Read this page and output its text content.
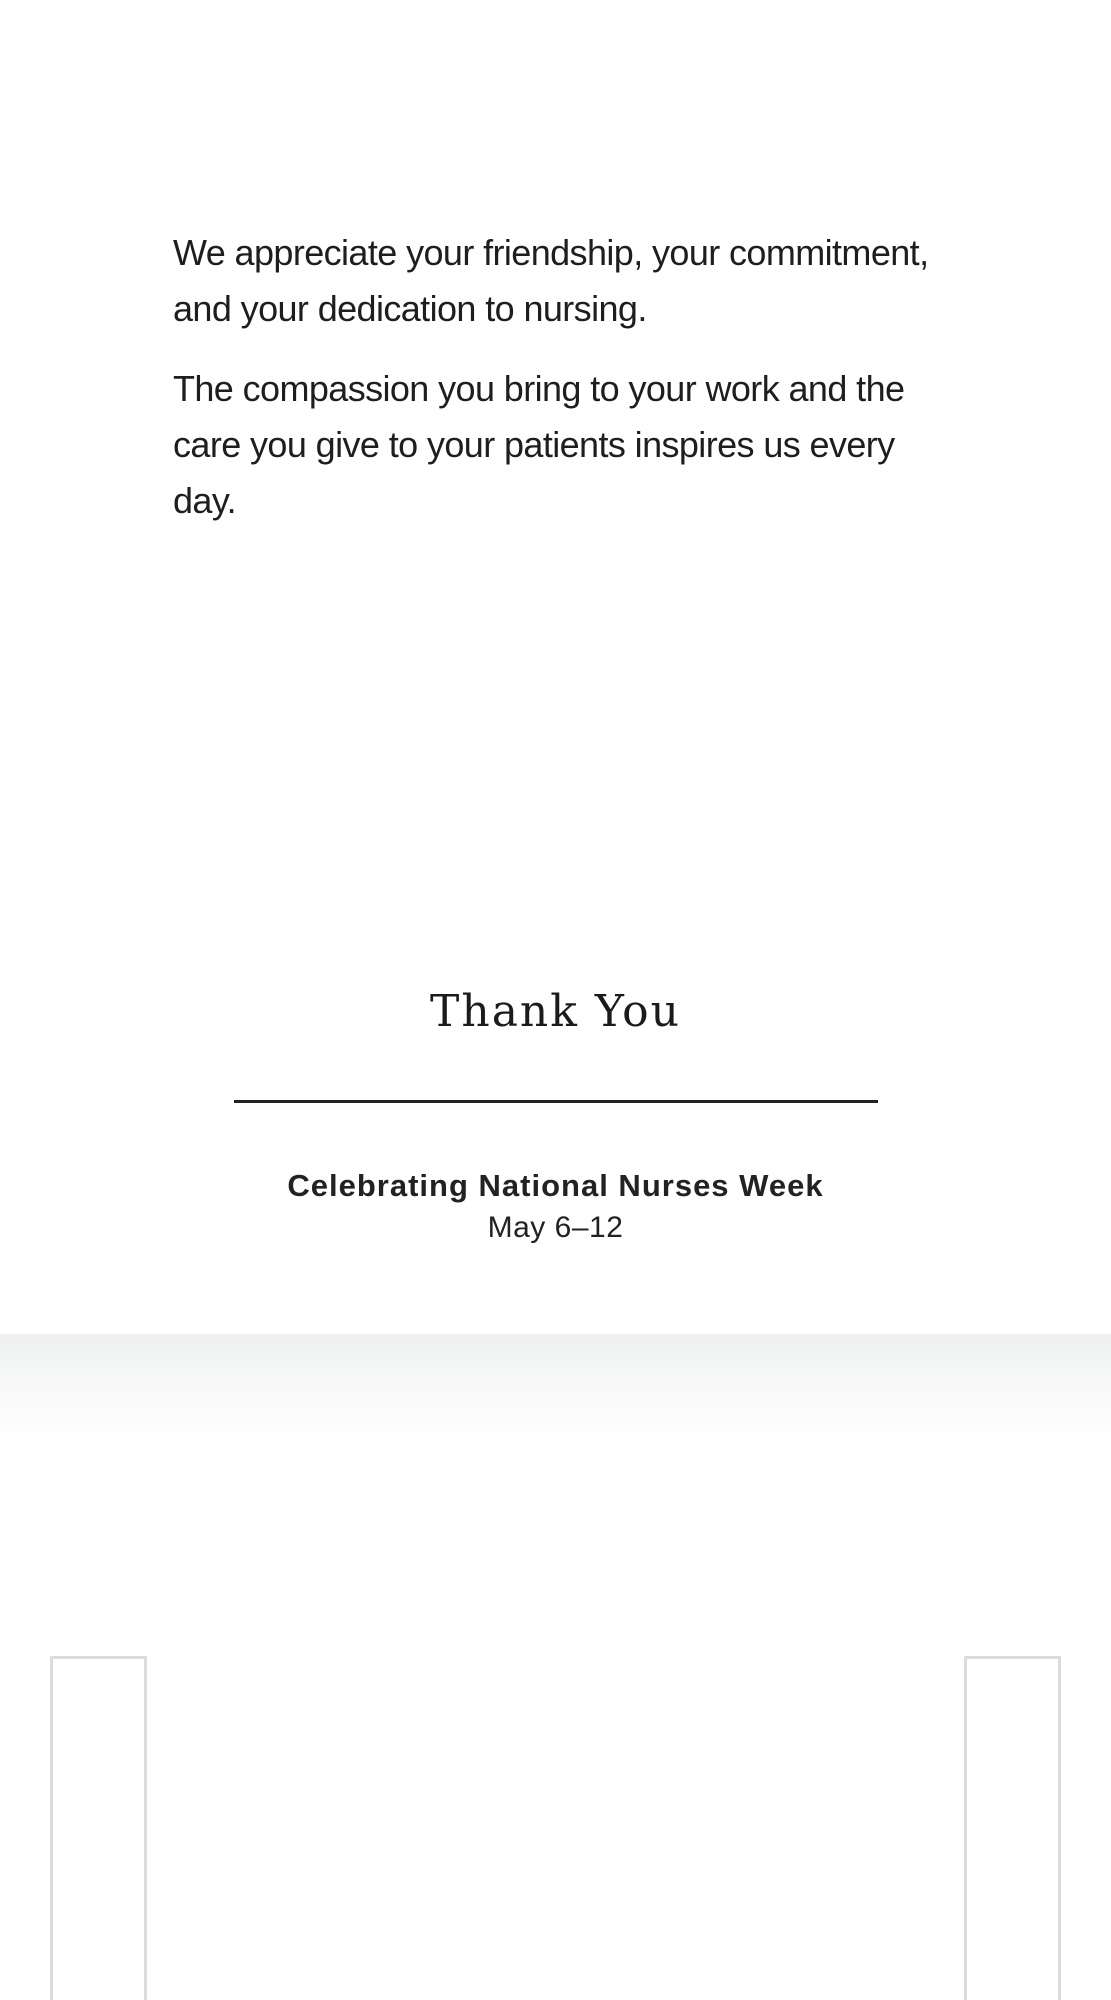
We appreciate your friendship, your commitment, and your dedication to nursing.

The compassion you bring to your work and the care you give to your patients inspires us every day.

Thank You
Celebrating National Nurses Week
May 6–12
